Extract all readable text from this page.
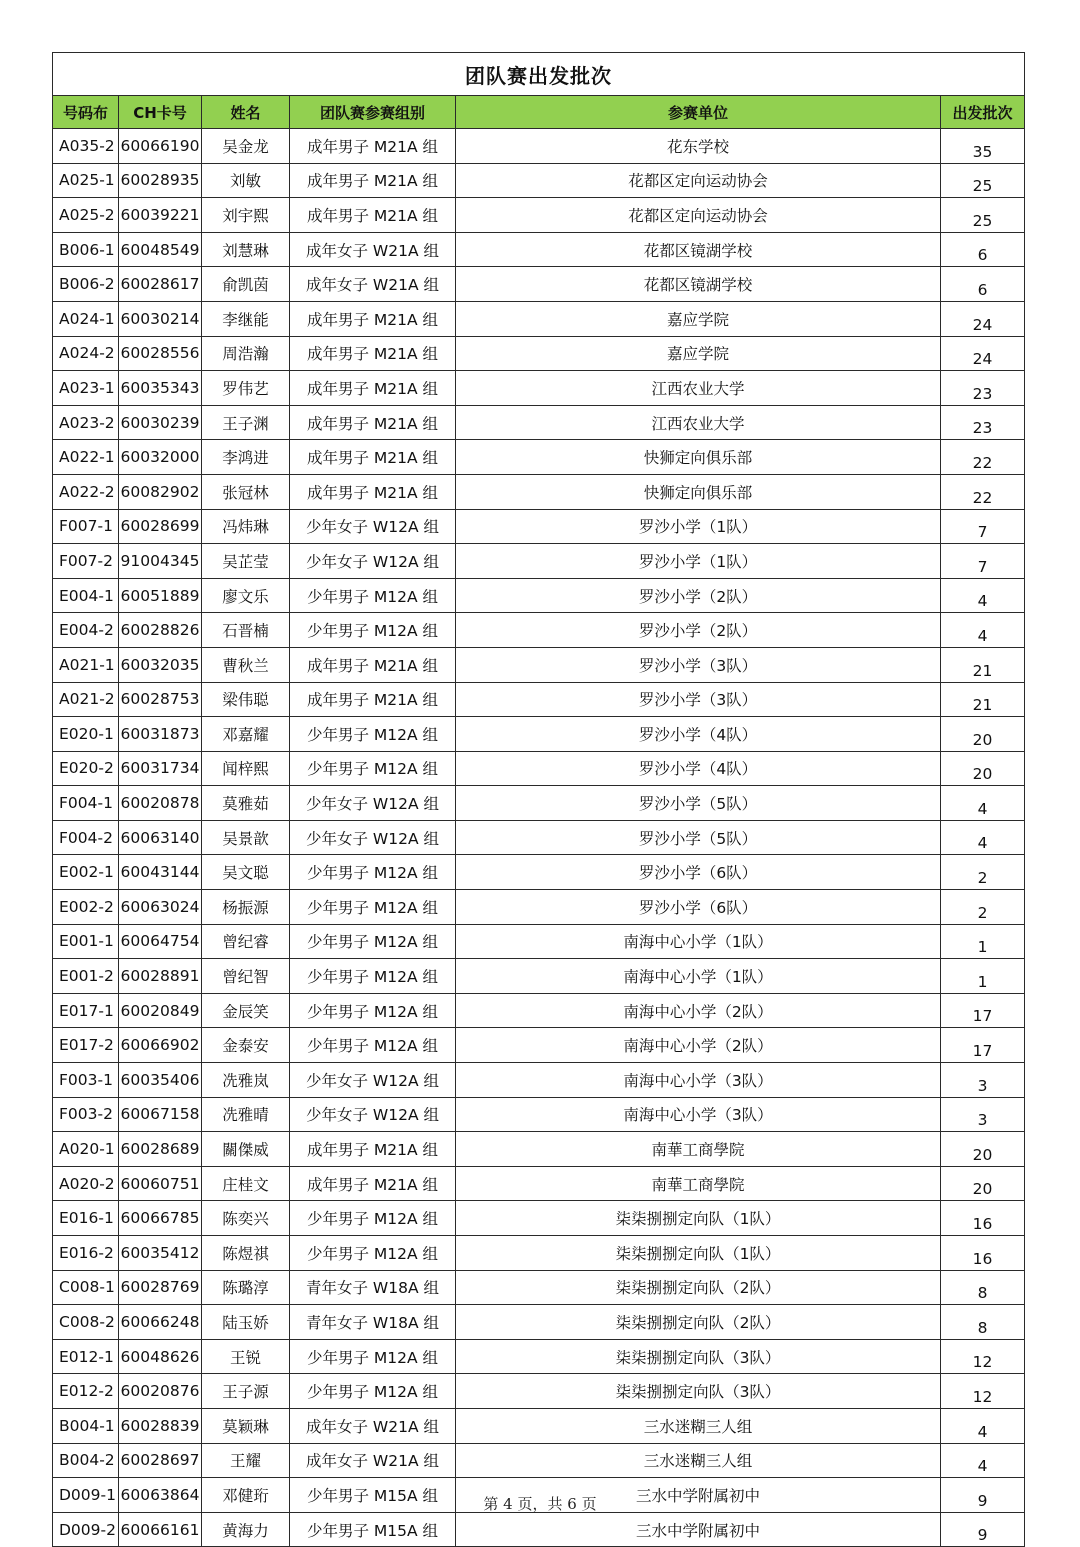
团队赛出发批次					
号码布	CH卡号	姓名	团队赛参赛组别	参赛单位	出发批次
A035-2	60066190	吴金龙	成年男子 M21A 组	花东学校	35
A025-1	60028935	刘敏	成年男子 M21A 组	花都区定向运动协会	25
A025-2	60039221	刘宇熙	成年男子 M21A 组	花都区定向运动协会	25
B006-1	60048549	刘慧琳	成年女子 W21A 组	花都区镜湖学校	6
B006-2	60028617	俞凯茵	成年女子 W21A 组	花都区镜湖学校	6
A024-1	60030214	李继能	成年男子 M21A 组	嘉应学院	24
A024-2	60028556	周浩瀚	成年男子 M21A 组	嘉应学院	24
A023-1	60035343	罗伟艺	成年男子 M21A 组	江西农业大学	23
A023-2	60030239	王子渊	成年男子 M21A 组	江西农业大学	23
A022-1	60032000	李鸿进	成年男子 M21A 组	快狮定向俱乐部	22
A022-2	60082902	张冠林	成年男子 M21A 组	快狮定向俱乐部	22
F007-1	60028699	冯炜琳	少年女子 W12A 组	罗沙小学（1队）	7
F007-2	91004345	吴芷莹	少年女子 W12A 组	罗沙小学（1队）	7
E004-1	60051889	廖文乐	少年男子 M12A 组	罗沙小学（2队）	4
E004-2	60028826	石晋楠	少年男子 M12A 组	罗沙小学（2队）	4
A021-1	60032035	曹秋兰	成年男子 M21A 组	罗沙小学（3队）	21
A021-2	60028753	梁伟聪	成年男子 M21A 组	罗沙小学（3队）	21
E020-1	60031873	邓嘉耀	少年男子 M12A 组	罗沙小学（4队）	20
E020-2	60031734	闻梓熙	少年男子 M12A 组	罗沙小学（4队）	20
F004-1	60020878	莫雅茹	少年女子 W12A 组	罗沙小学（5队）	4
F004-2	60063140	吴景歆	少年女子 W12A 组	罗沙小学（5队）	4
E002-1	60043144	吴文聪	少年男子 M12A 组	罗沙小学（6队）	2
E002-2	60063024	杨振源	少年男子 M12A 组	罗沙小学（6队）	2
E001-1	60064754	曾纪睿	少年男子 M12A 组	南海中心小学（1队）	1
E001-2	60028891	曾纪智	少年男子 M12A 组	南海中心小学（1队）	1
E017-1	60020849	金辰笑	少年男子 M12A 组	南海中心小学（2队）	17
E017-2	60066902	金泰安	少年男子 M12A 组	南海中心小学（2队）	17
F003-1	60035406	冼雅岚	少年女子 W12A 组	南海中心小学（3队）	3
F003-2	60067158	冼雅晴	少年女子 W12A 组	南海中心小学（3队）	3
A020-1	60028689	關傑威	成年男子 M21A 组	南華工商學院	20
A020-2	60060751	庄桂文	成年男子 M21A 组	南華工商學院	20
E016-1	60066785	陈奕兴	少年男子 M12A 组	柒柒捌捌定向队（1队）	16
E016-2	60035412	陈煜祺	少年男子 M12A 组	柒柒捌捌定向队（1队）	16
C008-1	60028769	陈璐淳	青年女子 W18A 组	柒柒捌捌定向队（2队）	8
C008-2	60066248	陆玉娇	青年女子 W18A 组	柒柒捌捌定向队（2队）	8
E012-1	60048626	王锐	少年男子 M12A 组	柒柒捌捌定向队（3队）	12
E012-2	60020876	王子源	少年男子 M12A 组	柒柒捌捌定向队（3队）	12
B004-1	60028839	莫颖琳	成年女子 W21A 组	三水迷糊三人组	4
B004-2	60028697	王耀	成年女子 W21A 组	三水迷糊三人组	4
D009-1	60063864	邓健珩	少年男子 M15A 组	三水中学附属初中	9
D009-2	60066161	黄海力	少年男子 M15A 组	三水中学附属初中	9
第 4 页，共 6 页
